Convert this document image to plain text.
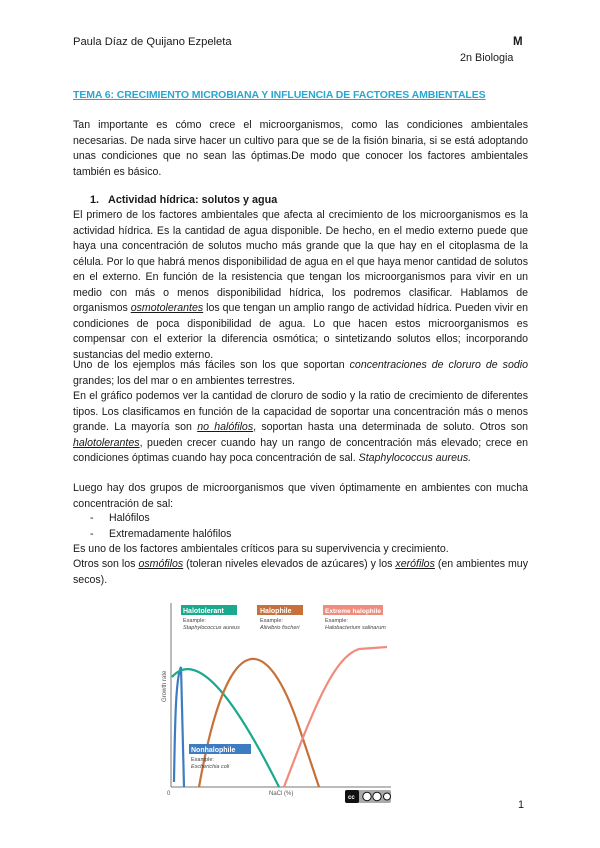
Paula Díaz de Quijano Ezpeleta	M
2n Biologia
TEMA 6: CRECIMIENTO MICROBIANA Y INFLUENCIA DE FACTORES AMBIENTALES

Tan importante es cómo crece el microorganismos, como las condiciones ambientales necesarias. De nada sirve hacer un cultivo para que se de la fisión binaria, si se está adoptando unas condiciones que no sean las óptimas.De modo que conocer los factores ambientales también es básico.

1. Actividad hídrica: solutos y agua

El primero de los factores ambientales que afecta al crecimiento de los microorganismos es la actividad hídrica. Es la cantidad de agua disponible. De hecho, en el medio externo puede que haya una concentración de solutos mucho más grande que la que hay en el citoplasma de la célula. Por lo que habrá menos disponibilidad de agua en el que haya menor cantidad de solutos en el externo. En función de la resistencia que tengan los microorganismos para vivir en un medio con más o menos disponibilidad hídrica, los podremos clasificar. Hablamos de organismos osmotolerantes los que tengan un amplio rango de actividad hídrica. Pueden vivir en condiciones de poca disponibilidad de agua. Lo que hacen estos microorganismos es compensar con el exterior la diferencia osmótica; o sintetizando solutos ellos; incorporando sustancias del medio externo.

Uno de los ejemplos más fáciles son los que soportan concentraciones de cloruro de sodio grandes; los del mar o en ambientes terrestres.

En el gráfico podemos ver la cantidad de cloruro de sodio y la ratio de crecimiento de diferentes tipos. Los clasificamos en función de la capacidad de soportar una concentración más o menos grande. La mayoría son no halófilos, soportan hasta una determinada de soluto. Otros son halotolerantes, pueden crecer cuando hay un rango de concentración más elevado; crece en condiciones óptimas cuando hay poca concentración de sal. Staphylococcus aureus.

Luego hay dos grupos de microorganismos que viven óptimamente en ambientes con mucha concentración de sal:

- Halófilos
- Extremadamente halófilos

Es uno de los factores ambientales críticos para su supervivencia y crecimiento.

Otros son los osmófilos (toleran niveles elevados de azúcares) y los xerófilos (en ambientes muy secos).

Growth rate
NaCl (%)
0
Halotolerant
Example:
Staphylococcus aureus
Halophile
Example:
Aliivibrio fischeri
Extreme halophile
Example:
Halobacterium salinarum
Nonhalophile
Example:
Escherichia coli
cc
1
